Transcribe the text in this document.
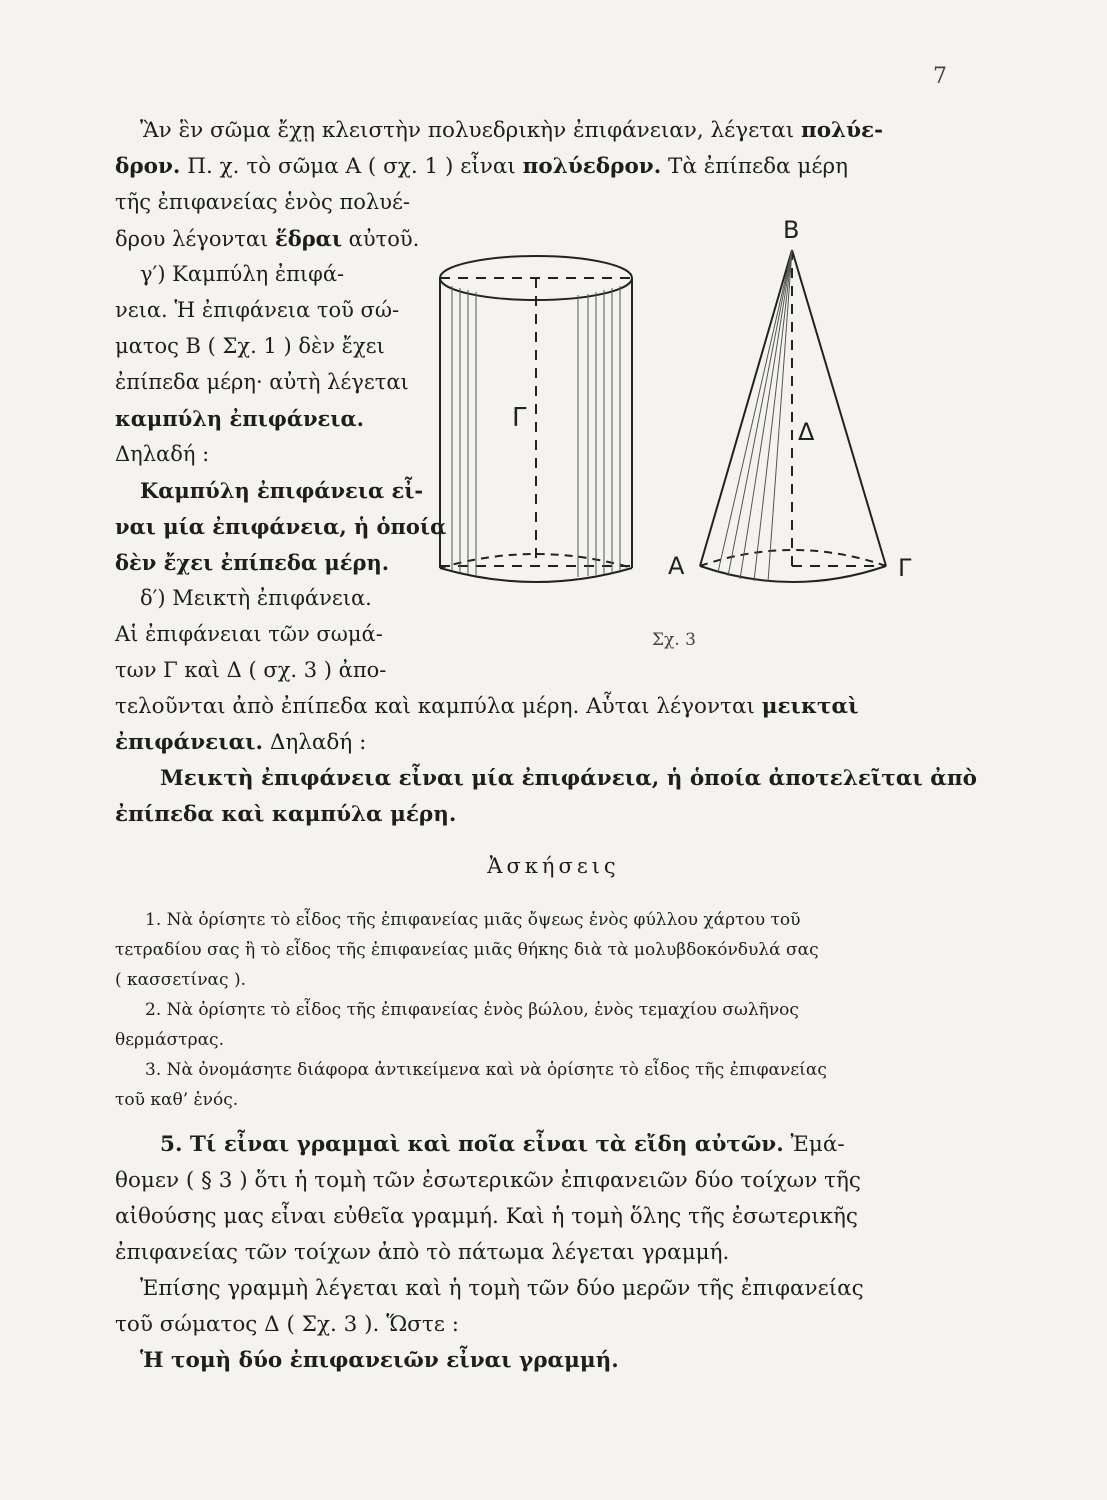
7
Ἂν ἓν σῶμα ἔχῃ κλειστὴν πολυεδρικὴν ἐπιφάνειαν, λέγεται πολύε-
δρον. Π. χ. τὸ σῶμα Α ( σχ. 1 ) εἶναι πολύεδρον. Τὰ ἐπίπεδα μέρη
τῆς ἐπιφανείας ἑνὸς πολυέ-
δρου λέγονται ἕδραι αὐτοῦ.
γ′) Καμπύλη ἐπιφά-
νεια. Ἡ ἐπιφάνεια τοῦ σώ-
ματος Β ( Σχ. 1 ) δὲν ἔχει
ἐπίπεδα μέρη· αὐτὴ λέγεται
καμπύλη ἐπιφάνεια.
Δηλαδή :
Καμπύλη ἐπιφάνεια εἶ-
ναι μία ἐπιφάνεια, ἡ ὁποία
δὲν ἔχει ἐπίπεδα μέρη.
δ′) Μεικτὴ ἐπιφάνεια.
Αἱ ἐπιφάνειαι τῶν σωμά-
των Γ καὶ Δ ( σχ. 3 ) ἀπο-
τελοῦνται ἀπὸ ἐπίπεδα καὶ καμπύλα μέρη. Αὗται λέγονται μεικταὶ
ἐπιφάνειαι. Δηλαδή :
Μεικτὴ ἐπιφάνεια εἶναι μία ἐπιφάνεια, ἡ ὁποία ἀποτελεῖται ἀπὸ
ἐπίπεδα καὶ καμπύλα μέρη.
Γ
Β
Δ
Α	Γ
Σχ. 3
Ἀσκήσεις
1. Νὰ ὁρίσητε τὸ εἶδος τῆς ἐπιφανείας μιᾶς ὄψεως ἑνὸς φύλλου χάρτου τοῦ
τετραδίου σας ἢ τὸ εἶδος τῆς ἐπιφανείας μιᾶς θήκης διὰ τὰ μολυβδοκόνδυλά σας
( κασσετίνας ).
2. Νὰ ὁρίσητε τὸ εἶδος τῆς ἐπιφανείας ἑνὸς βώλου, ἑνὸς τεμαχίου σωλῆνος
θερμάστρας.
3. Νὰ ὀνομάσητε διάφορα ἀντικείμενα καὶ νὰ ὁρίσητε τὸ εἶδος τῆς ἐπιφανείας
τοῦ καθ’ ἑνός.
5. Τί εἶναι γραμμαὶ καὶ ποῖα εἶναι τὰ εἴδη αὐτῶν. Ἐμά-
θομεν ( § 3 ) ὅτι ἡ τομὴ τῶν ἐσωτερικῶν ἐπιφανειῶν δύο τοίχων τῆς
αἰθούσης μας εἶναι εὐθεῖα γραμμή. Καὶ ἡ τομὴ ὅλης τῆς ἐσωτερικῆς
ἐπιφανείας τῶν τοίχων ἀπὸ τὸ πάτωμα λέγεται γραμμή.
Ἐπίσης γραμμὴ λέγεται καὶ ἡ τομὴ τῶν δύο μερῶν τῆς ἐπιφανείας
τοῦ σώματος Δ ( Σχ. 3 ). Ὥστε :
Ἡ τομὴ δύο ἐπιφανειῶν εἶναι γραμμή.
